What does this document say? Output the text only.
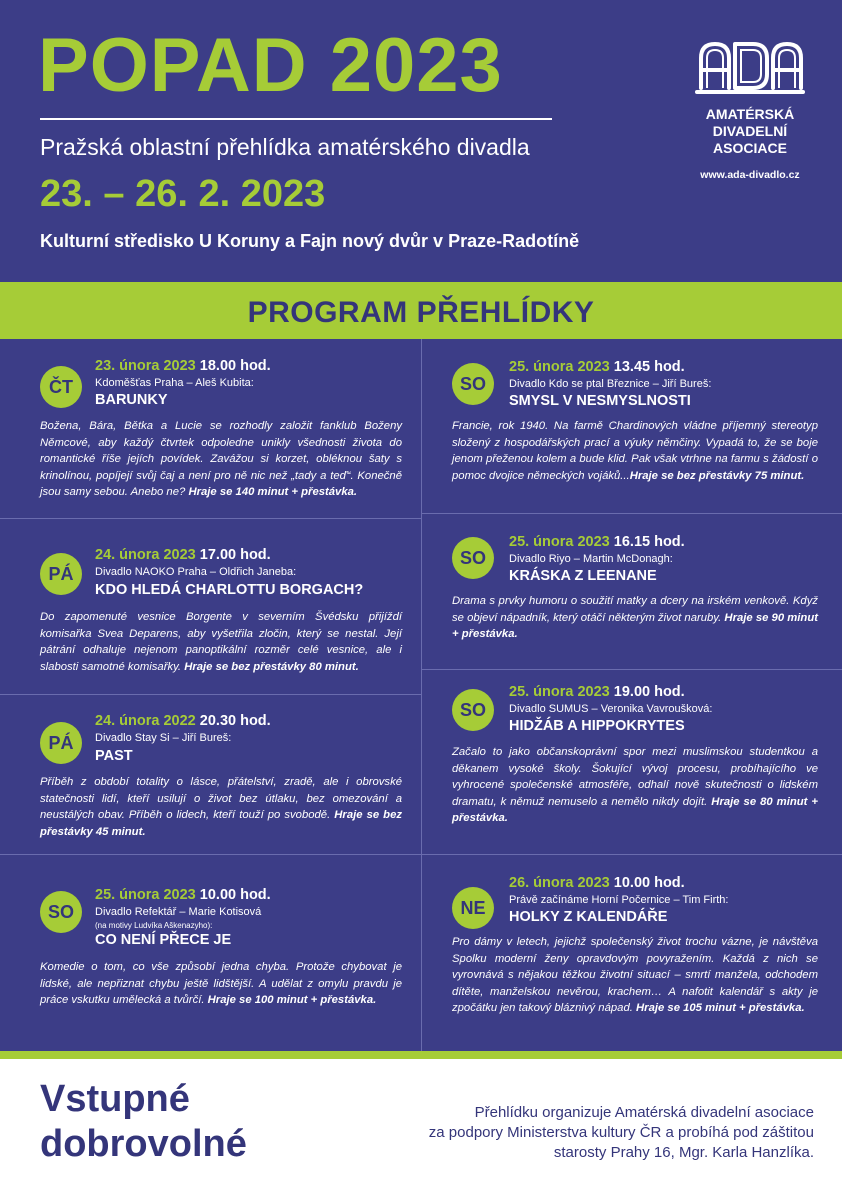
POPAD 2023
Pražská oblastní přehlídka amatérského divadla
23. – 26. 2. 2023
Kulturní středisko U Koruny a Fajn nový dvůr v Praze-Radotíně
AMATÉRSKÁ
DIVADELNÍ
ASOCIACE
www.ada-divadlo.cz
PROGRAM PŘEHLÍDKY
ČT
23. února 2023 18.00 hod.
Kdoměšťas Praha – Aleš Kubita:
BARUNKY
Božena, Bára, Bětka a Lucie se rozhodly založit fanklub Boženy Němcové, aby každý čtvrtek odpoledne unikly všednosti života do romantické říše jejích povídek. Zavážou si korzet, obléknou šaty s krinolínou, popíjejí svůj čaj a není pro ně nic než „tady a teď“. Konečně jsou samy sebou. Anebo ne? Hraje se 140 minut + přestávka.
PÁ
24. února 2023 17.00 hod.
Divadlo NAOKO Praha – Oldřich Janeba:
KDO HLEDÁ CHARLOTTU BORGACH?
Do zapomenuté vesnice Borgente v severním Švédsku přijíždí komisařka Svea Deparens, aby vyšetřila zločin, který se nestal. Její pátrání odhaluje nejenom panoptikální rozměr celé vesnice, ale i slabosti samotné komisařky. Hraje se bez přestávky 80 minut.
PÁ
24. února 2022 20.30 hod.
Divadlo Stay Si – Jiří Bureš:
PAST
Příběh z období totality o lásce, přátelství, zradě, ale i obrovské statečnosti lidí, kteří usilují o život bez útlaku, bez omezování a neustálých obav. Příběh o lidech, kteří touží po svobodě. Hraje se bez přestávky 45 minut.
SO
25. února 2023 10.00 hod.
Divadlo Refektář – Marie Kotisová
(na motivy Ludvíka Aškenazyho):
CO NENÍ PŘECE JE
Komedie o tom, co vše způsobí jedna chyba. Protože chybovat je lidské, ale nepřiznat chybu ještě lidštější. A udělat z omylu pravdu je práce vskutku umělecká a tvůrčí. Hraje se 100 minut + přestávka.
SO
25. února 2023 13.45 hod.
Divadlo Kdo se ptal Březnice – Jiří Bureš:
SMYSL V NESMYSLNOSTI
Francie, rok 1940. Na farmě Chardinových vládne příjemný stereotyp složený z hospodářských prací a výuky němčiny. Vypadá to, že se boje jenom přeženou kolem a bude klid. Pak však vtrhne na farmu s žádostí o pomoc dvojice německých vojáků...Hraje se bez přestávky 75 minut.
SO
25. února 2023 16.15 hod.
Divadlo Riyo – Martin McDonagh:
KRÁSKA Z LEENANE
Drama s prvky humoru o soužití matky a dcery na irském venkově. Když se objeví nápadník, který otáčí některým život naruby. Hraje se 90 minut + přestávka.
SO
25. února 2023 19.00 hod.
Divadlo SUMUS – Veronika Vavroušková:
HIDŽÁB A HIPPOKRYTES
Začalo to jako občanskoprávní spor mezi muslimskou studentkou a děkanem vysoké školy. Šokující vývoj procesu, probíhajícího ve vyhrocené společenské atmosféře, odhalí nově skutečnosti o lidském dramatu, k němuž nemuselo a nemělo nikdy dojít. Hraje se 80 minut + přestávka.
NE
26. února 2023 10.00 hod.
Právě začínáme Horní Počernice – Tim Firth:
HOLKY Z KALENDÁŘE
Pro dámy v letech, jejichž společenský život trochu vázne, je návštěva Spolku moderní ženy opravdovým povyražením. Každá z nich se vyrovnává s nějakou těžkou životní situací – smrtí manžela, odchodem dítěte, manželskou nevěrou, krachem… A nafotit kalendář s akty je zpočátku jen takový bláznivý nápad. Hraje se 105 minut + přestávka.
Vstupné
dobrovolné
Přehlídku organizuje Amatérská divadelní asociace
za podpory Ministerstva kultury ČR a probíhá pod záštitou
starosty Prahy 16, Mgr. Karla Hanzlíka.
